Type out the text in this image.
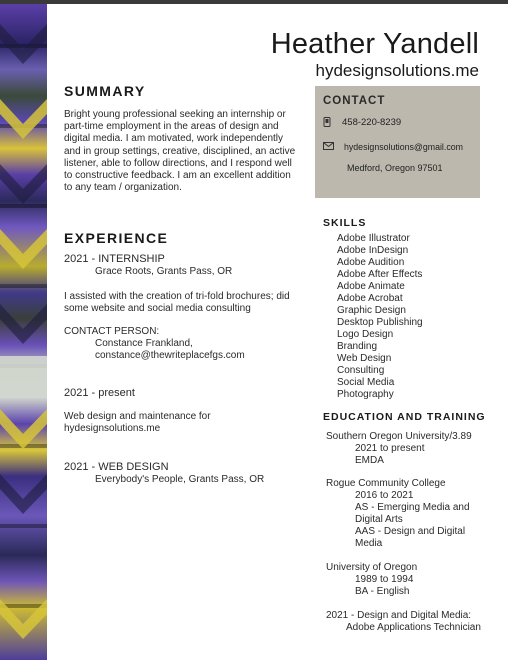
Heather Yandell
hydesignsolutions.me
SUMMARY
Bright young professional seeking an internship or
part-time employment in the areas of design and
digital media. I am motivated, work independently
and in group settings, creative, disciplined, an active
listener, able to follow directions, and I respond well
to constructive feedback. I am an excellent addition
to any team / organization.
EXPERIENCE
2021 - INTERNSHIP
Grace Roots, Grants Pass, OR
I assisted with the creation of tri-fold brochures; did
some website and social media consulting
CONTACT PERSON:
Constance Frankland,
constance@thewriteplacefgs.com
2021 - present
Web design and maintenance for
hydesignsolutions.me
2021 - WEB DESIGN
Everybody's People, Grants Pass, OR
CONTACT
458-220-8239
hydesignsolutions@gmail.com
Medford, Oregon 97501
SKILLS
Adobe Illustrator
Adobe InDesign
Adobe Audition
Adobe After Effects
Adobe Animate
Adobe Acrobat
Graphic Design
Desktop Publishing
Logo Design
Branding
Web Design
Consulting
Social Media
Photography
EDUCATION AND TRAINING
Southern Oregon University/3.89
2021 to present
EMDA
Rogue Community College
2016 to 2021
AS - Emerging Media and
Digital Arts
AAS - Design and Digital
Media
University of Oregon
1989 to 1994
BA - English
2021 - Design and Digital Media:
Adobe Applications Technician
